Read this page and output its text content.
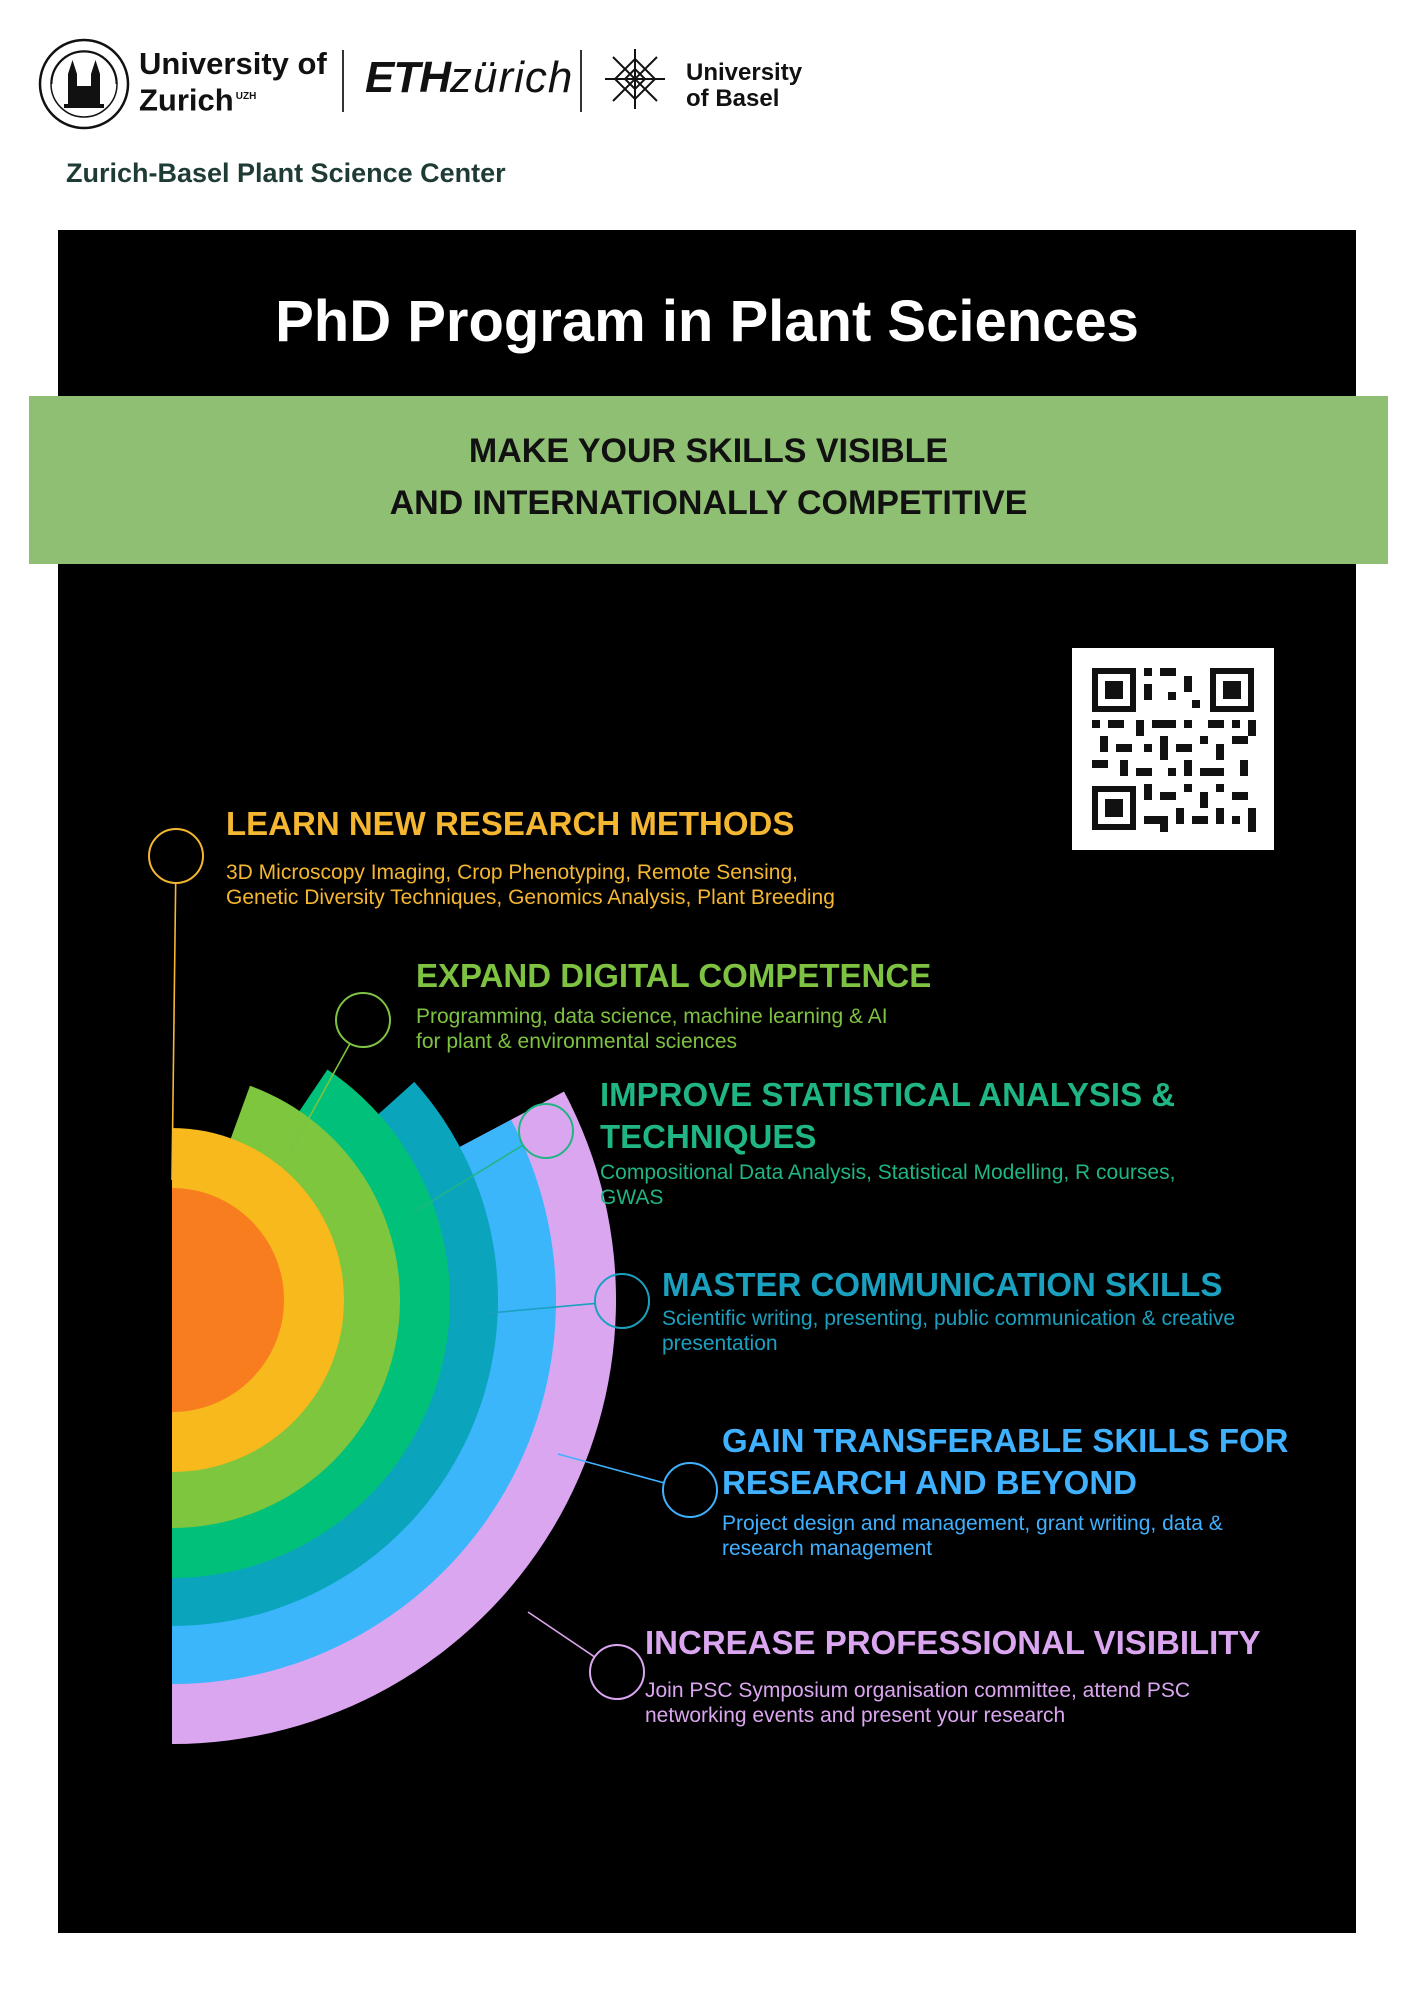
University of
Zurich $^{UZH}$	ETHzürich	University
of Basel
Zurich-Basel Plant Science Center
PhD Program in Plant Sciences
MAKE YOUR SKILLS VISIBLE
AND INTERNATIONALLY COMPETITIVE
LEARN NEW RESEARCH METHODS
3D Microscopy Imaging, Crop Phenotyping, Remote Sensing,
Genetic Diversity Techniques, Genomics Analysis, Plant Breeding
EXPAND DIGITAL COMPETENCE
Programming, data science, machine learning & AI
for plant & environmental sciences
IMPROVE STATISTICAL ANALYSIS &
TECHNIQUES
Compositional Data Analysis, Statistical Modelling, R courses,
GWAS
MASTER COMMUNICATION SKILLS
Scientific writing, presenting, public communication & creative
presentation
GAIN TRANSFERABLE SKILLS FOR
RESEARCH AND BEYOND
Project design and management, grant writing, data &
research management
INCREASE PROFESSIONAL VISIBILITY
Join PSC Symposium organisation committee, attend PSC
networking events and present your research
